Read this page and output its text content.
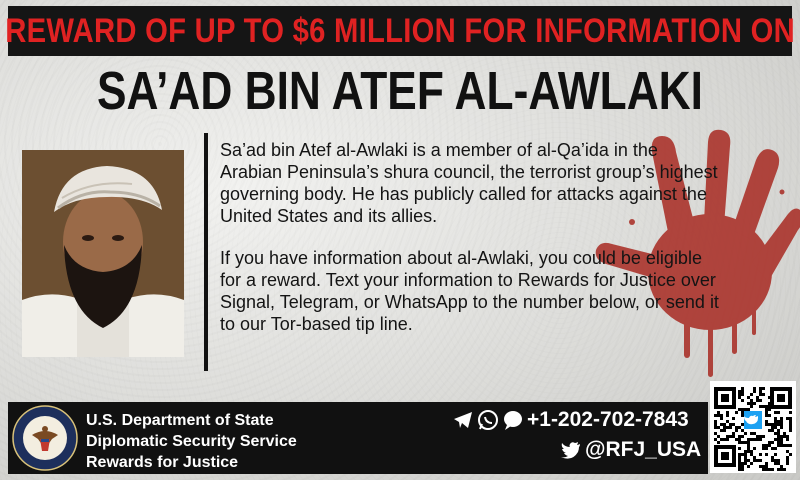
REWARD OF UP TO $6 MILLION FOR INFORMATION ON
SA’AD BIN ATEF AL-AWLAKI

Sa’ad bin Atef al-Awlaki is a member of al-Qa’ida in the Arabian Peninsula’s shura council, the terrorist group’s highest governing body. He has publicly called for attacks against the United States and its allies.

If you have information about al-Awlaki, you could be eligible for a reward. Text your information to Rewards for Justice over Signal, Telegram, or WhatsApp to the number below, or send it to our Tor-based tip line.

U.S. Department of State
Diplomatic Security Service
Rewards for Justice
+1-202-702-7843
@RFJ_USA
